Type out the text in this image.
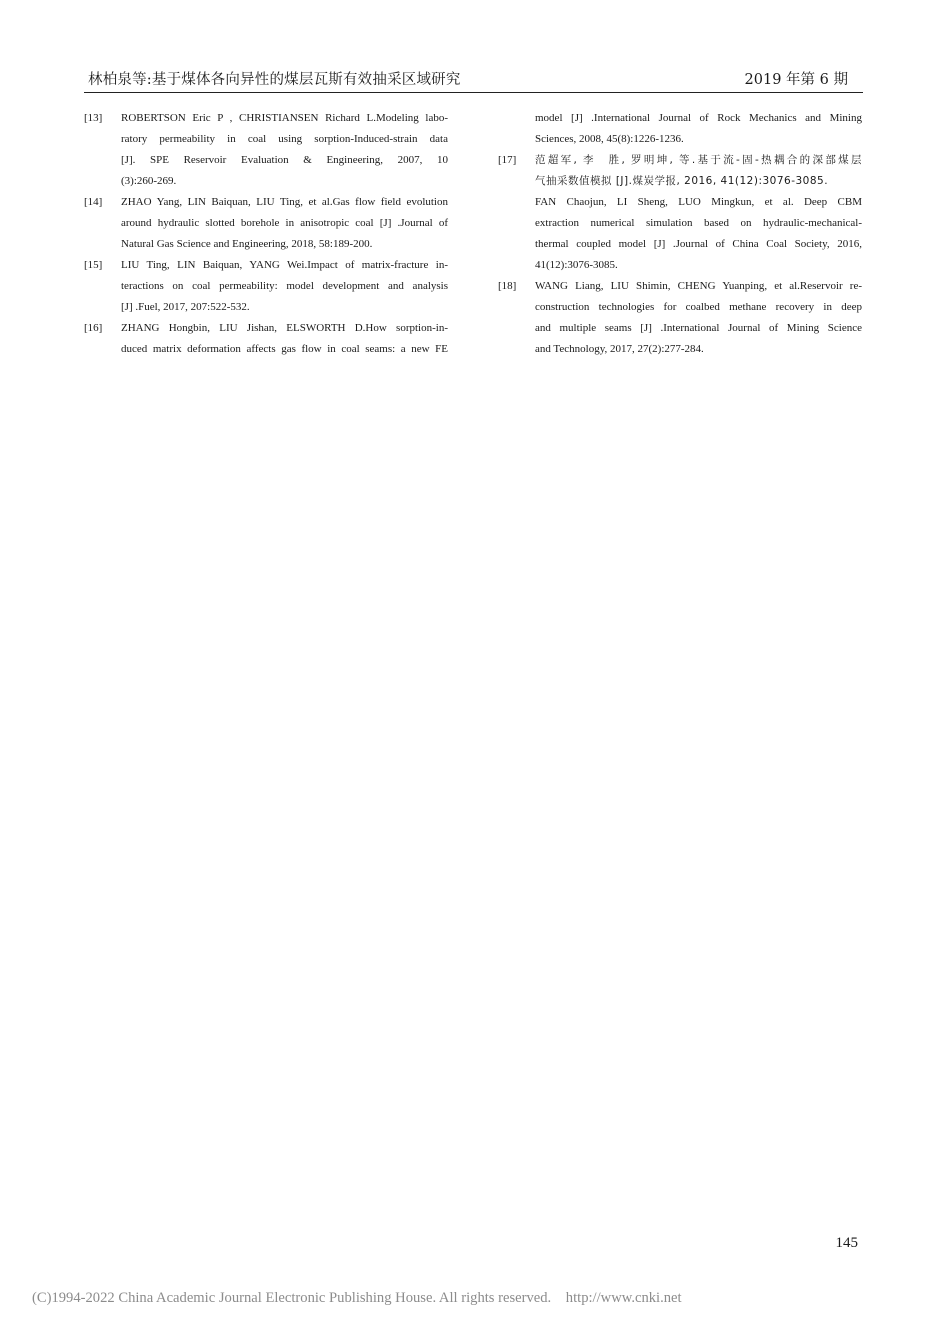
林柏泉等:基于煤体各向异性的煤层瓦斯有效抽采区域研究	2019 年第 6 期
[13]	ROBERTSON Eric P , CHRISTIANSEN Richard L.Modeling labo-
ratory permeability in coal using sorption-Induced-strain data
[J]. SPE Reservoir Evaluation & Engineering, 2007, 10
(3):260-269.
[14]	ZHAO Yang, LIN Baiquan, LIU Ting, et al.Gas flow field evolution
around hydraulic slotted borehole in anisotropic coal [J] .Journal of
Natural Gas Science and Engineering, 2018, 58:189-200.
[15]	LIU Ting, LIN Baiquan, YANG Wei.Impact of matrix-fracture in-
teractions on coal permeability: model development and analysis
[J] .Fuel, 2017, 207:522-532.
[16]	ZHANG Hongbin, LIU Jishan, ELSWORTH D.How sorption-in-
duced matrix deformation affects gas flow in coal seams: a new FE
model [J] .International Journal of Rock Mechanics and Mining
Sciences, 2008, 45(8):1226-1236.
[17]	范超军, 李　胜, 罗明坤, 等.基于流-固-热耦合的深部煤层
气抽采数值模拟 [J].煤炭学报, 2016, 41(12):3076-3085.
FAN Chaojun, LI Sheng, LUO Mingkun, et al. Deep CBM
extraction numerical simulation based on hydraulic-mechanical-
thermal coupled model [J] .Journal of China Coal Society, 2016,
41(12):3076-3085.
[18]	WANG Liang, LIU Shimin, CHENG Yuanping, et al.Reservoir re-
construction technologies for coalbed methane recovery in deep
and multiple seams [J] .International Journal of Mining Science
and Technology, 2017, 27(2):277-284.
145
(C)1994-2022 China Academic Journal Electronic Publishing House. All rights reserved.    http://www.cnki.net
